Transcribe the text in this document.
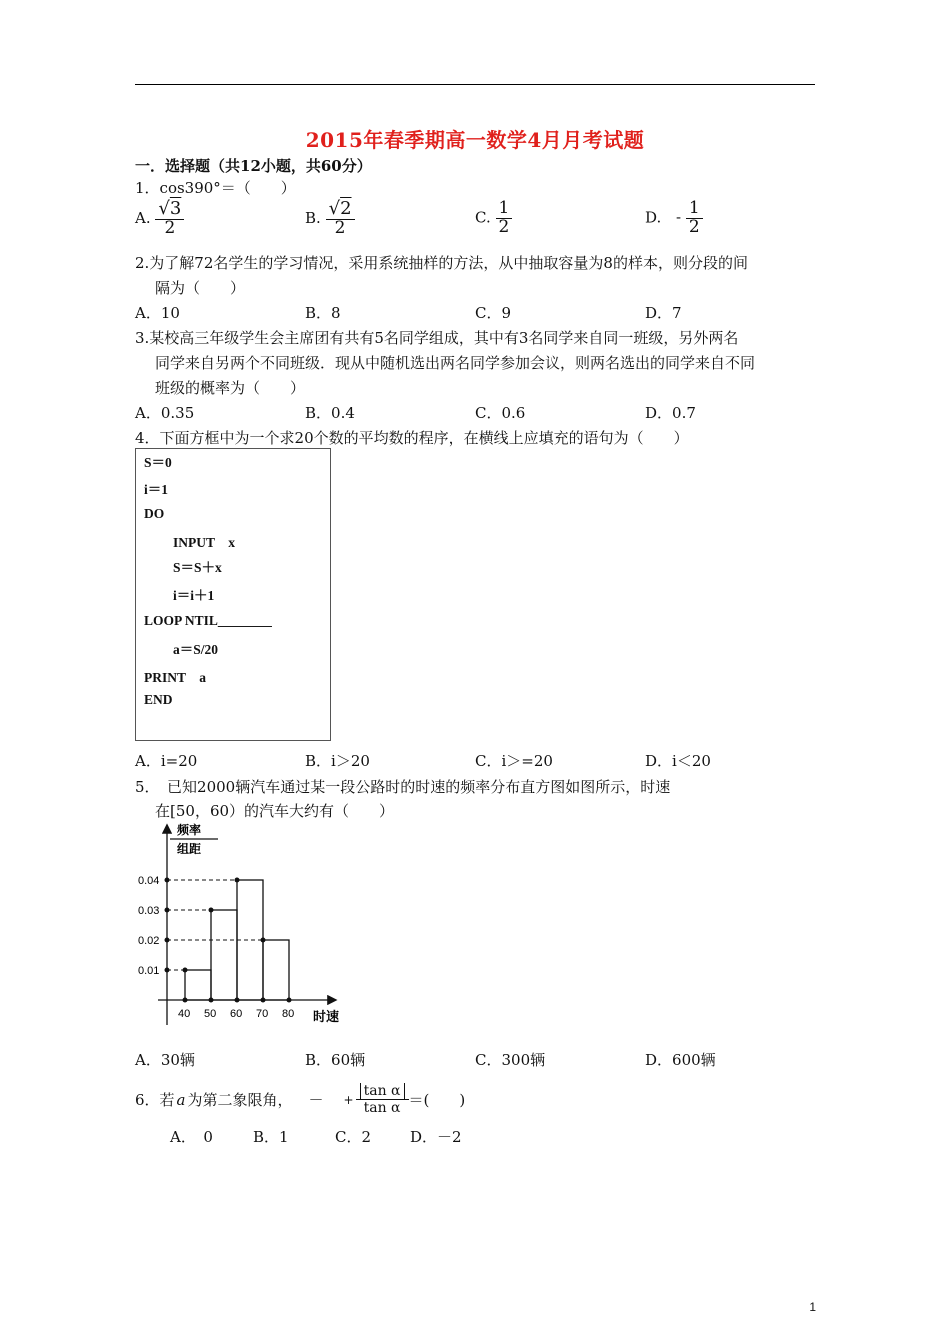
2015年春季期高一数学4月月考试题
一．选择题（共12小题，共60分）
1．cos390°＝（　　）
A. $\frac{√3}{2}$	B. $\frac{√2}{2}$	C. $\frac{1}{2}$	D. - $\frac{1}{2}$
2.为了解72名学生的学习情况，采用系统抽样的方法，从中抽取容量为8的样本，则分段的间
隔为（　　）
A．10	B．8	C．9	D．7
3.某校高三年级学生会主席团有共有5名同学组成，其中有3名同学来自同一班级，另外两名
同学来自另两个不同班级．现从中随机选出两名同学参加会议，则两名选出的同学来自不同
班级的概率为（　　）
A．0.35	B．0.4	C．0.6	D．0.7
4．下面方框中为一个求20个数的平均数的程序，在横线上应填充的语句为（　　）
S＝0
i＝1
DO
INPUT　x
S＝S＋x
i＝i＋1
LOOP NTIL________
a＝S/20
PRINT　a
END
A．i=20	B．i＞20	C．i＞=20	D．i＜20
5．　已知2000辆汽车通过某一段公路时的时速的频率分布直方图如图所示，时速
在[50，60）的汽车大约有（　　）
频率
组距
0.01
0.02
0.03
0.04
40 50 60 70 80 时速
A．30辆	B．60辆	C．300辆	D．600辆
6．若 a 为第二象限角， － + $\frac{\text{tan α}}{\text{tan α}}$ ＝(　　)
A．　0	B．1	C．2	D．－2
1
